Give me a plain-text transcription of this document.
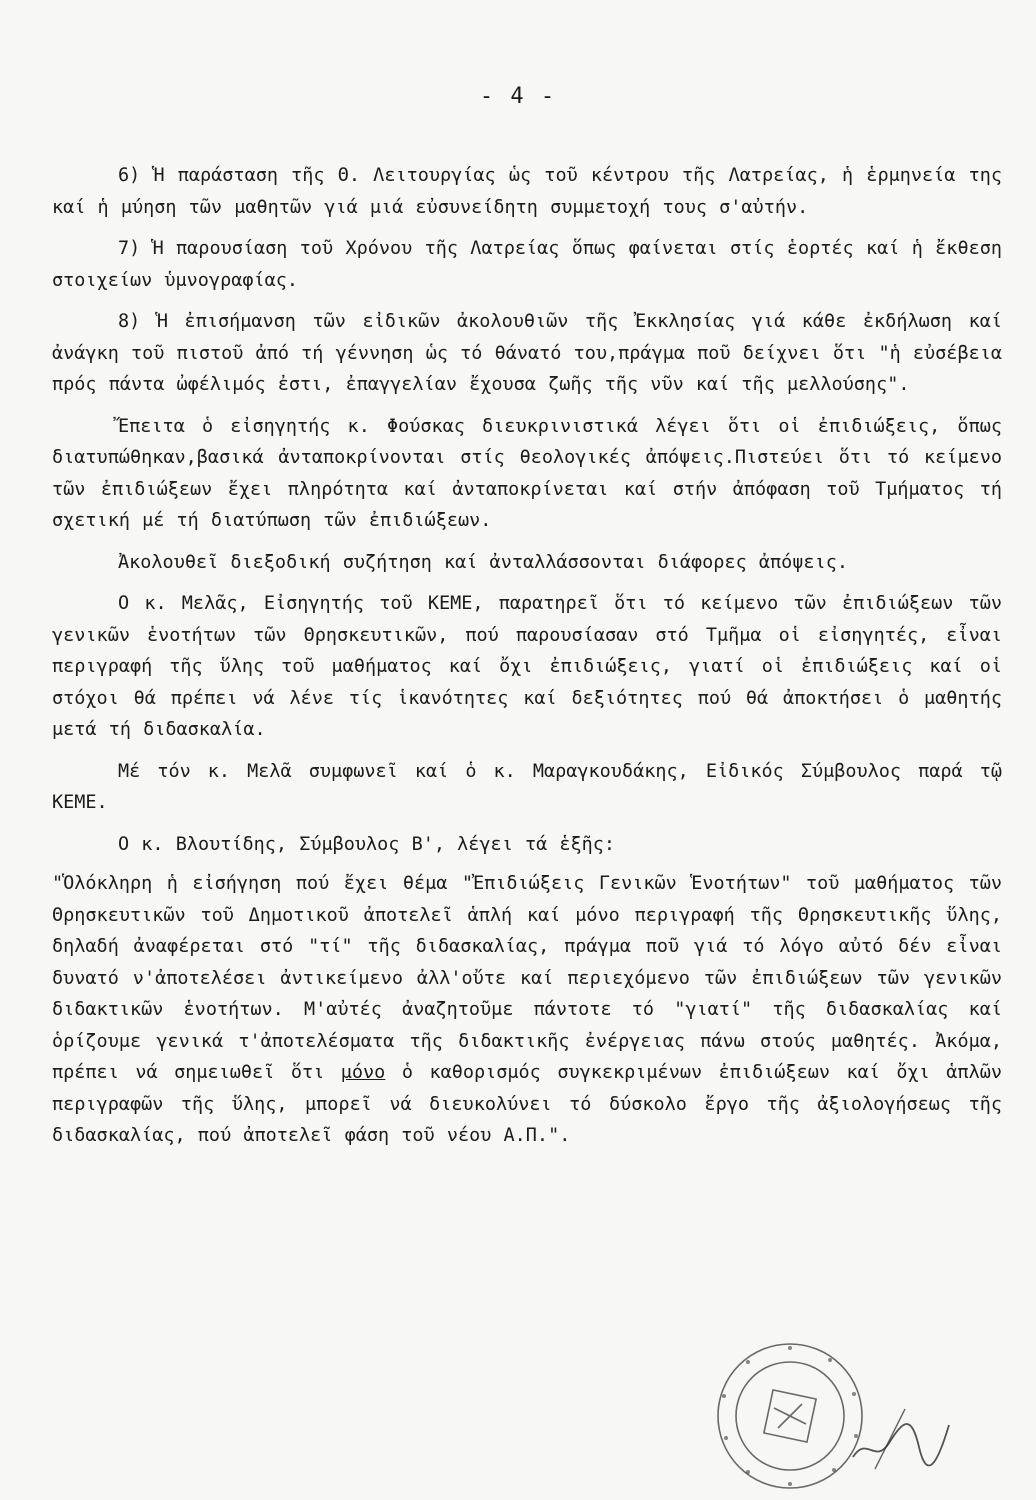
- 4 -

6) Ἡ παράσταση τῆς Θ. Λειτουργίας ὡς τοῦ κέντρου τῆς Λατρείας, ἡ ἑρμηνεία της καί ἡ μύηση τῶν μαθητῶν γιά μιά εὐσυνείδητη συμμετοχή τους σ'αὐτήν.

7) Ἡ παρουσίαση τοῦ Χρόνου τῆς Λατρείας ὅπως φαίνεται στίς ἑορτές καί ἡ ἔκθεση στοιχείων ὑμνογραφίας.

8) Ἡ ἐπισήμανση τῶν εἰδικῶν ἀκολουθιῶν τῆς Ἐκκλησίας γιά κάθε ἐκδήλωση καί ἀνάγκη τοῦ πιστοῦ ἀπό τή γέννηση ὡς τό θάνατό του,πράγμα ποῦ δείχνει ὅτι "ἡ εὐσέβεια πρός πάντα ὠφέλιμός ἐστι, ἐπαγγελίαν ἔχουσα ζωῆς τῆς νῦν καί τῆς μελλούσης".

Ἔπειτα ὁ εἰσηγητής κ. Φούσκας διευκρινιστικά λέγει ὅτι οἱ ἐπιδιώξεις, ὅπως διατυπώθηκαν,βασικά ἀνταποκρίνονται στίς θεολογικές ἀπόψεις.Πιστεύει ὅτι τό κείμενο τῶν ἐπιδιώξεων ἔχει πληρότητα καί ἀνταποκρίνεται καί στήν ἀπόφαση τοῦ Τμήματος τή σχετική μέ τή διατύπωση τῶν ἐπιδιώξεων.

Ἀκολουθεῖ διεξοδική συζήτηση καί ἀνταλλάσσονται διάφορες ἀπόψεις.

Ο κ. Μελᾶς, Εἰσηγητής τοῦ ΚΕΜΕ, παρατηρεῖ ὅτι τό κείμενο τῶν ἐπιδιώξεων τῶν γενικῶν ἑνοτήτων τῶν Θρησκευτικῶν, πού παρουσίασαν στό Τμῆμα οἱ εἰσηγητές, εἶναι περιγραφή τῆς ὕλης τοῦ μαθήματος καί ὄχι ἐπιδιώξεις, γιατί οἱ ἐπιδιώξεις καί οἱ στόχοι θά πρέπει νά λένε τίς ἱκανότητες καί δεξιότητες πού θά ἀποκτήσει ὁ μαθητής μετά τή διδασκαλία.

Μέ τόν κ. Μελᾶ συμφωνεῖ καί ὁ κ. Μαραγκουδάκης, Εἰδικός Σύμβουλος παρά τῷ ΚΕΜΕ.

Ο κ. Βλουτίδης, Σύμβουλος Β', λέγει τά ἑξῆς:

"Ὁλόκληρη ἡ εἰσήγηση πού ἔχει θέμα "Ἐπιδιώξεις Γενικῶν Ἑνοτήτων" τοῦ μαθήματος τῶν Θρησκευτικῶν τοῦ Δημοτικοῦ ἀποτελεῖ ἁπλή καί μόνο περιγραφή τῆς Θρησκευτικῆς ὕλης, δηλαδή ἀναφέρεται στό "τί" τῆς διδασκαλίας, πράγμα ποῦ γιά τό λόγο αὐτό δέν εἶναι δυνατό ν'ἀποτελέσει ἀντικείμενο ἀλλ'οὔτε καί περιεχόμενο τῶν ἐπιδιώξεων τῶν γενικῶν διδακτικῶν ἑνοτήτων. Μ'αὐτές ἀναζητοῦμε πάντοτε τό "γιατί" τῆς διδασκαλίας καί ὁρίζουμε γενικά τ'ἀποτελέσματα τῆς διδακτικῆς ἐνέργειας πάνω στούς μαθητές. Ἀκόμα, πρέπει νά σημειωθεῖ ὅτι μόνο ὁ καθορισμός συγκεκριμένων ἐπιδιώξεων καί ὄχι ἁπλῶν περιγραφῶν τῆς ὕλης, μπορεῖ νά διευκολύνει τό δύσκολο ἔργο τῆς ἀξιολογήσεως τῆς διδασκαλίας, πού ἀποτελεῖ φάση τοῦ νέου Α.Π.".
